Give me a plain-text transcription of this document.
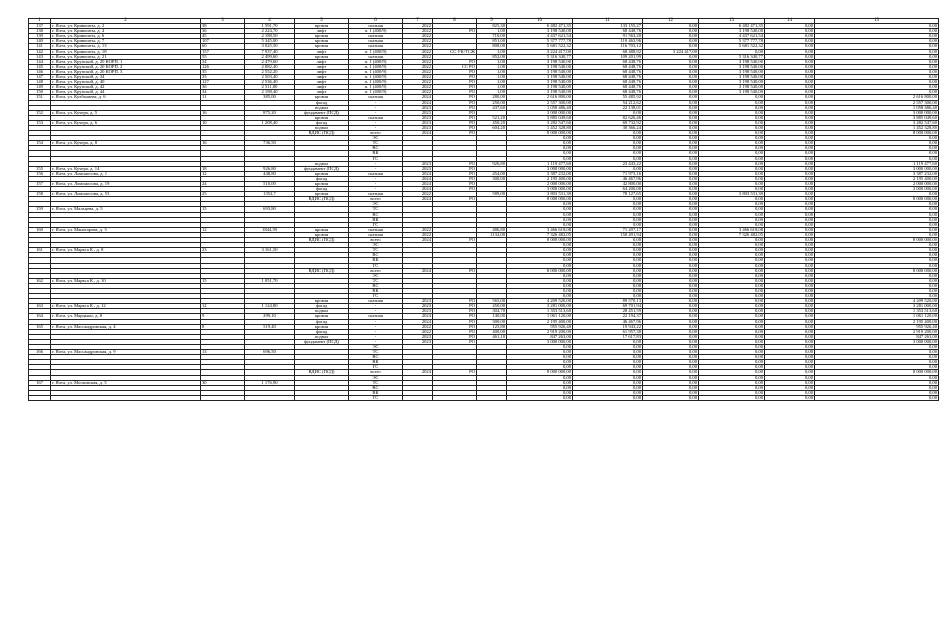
1	2	3	4	5	6	7	8	9	10	11	12	13	14	15
137	г. Ялта, ул. Кривошты, д. 2	38	1 591,70	кровля	скатная	2022		825,30	6 482 471,35	133 155,27	0,00	6 482 471,35	0,00	0,00
138	г. Ялта, ул. Кривошты, д. 4	36	2 224,70	лифт	п. 1 (400/9)	2022	РО	1,00	3 198 540,00	68 448,76	0,00	3 198 540,00	0,00	0,00
139	г. Ялта, ул. Кривошты, д. 6	45	2 188,50	кровля	скатная	2022		710,00	4 437 621,54	91 563,20	0,00	4 437 621,54	0,00	0,00
140	г. Ялта, ул. Кривошты, д. 7	107	5 345,00	кровля	скатная	2022		851,00	5 377 777,78	110 463,96	0,00	5 377 777,78	0,00	0,00
141	г. Ялта, ул. Кривошты, д. 13	60	3 025,50	кровля	скатная	2022		808,00	5 681 522,32	116 703,12	0,00	5 681 522,32	0,00	0,00
142	г. Ялта, ул. Кривошты, д. 18	157	7 937,40	лифт	п. 1 (400/9)	2022	СС УК/ТСЖ	1,00	3 224 417,00	68 488,92	3 224 417,00	0,00	0,00	0,00
143	г. Ялта, ул. Кривошты, д. 21	55	2 499,60	кровля	скатная	2022		852,00	5 316 340,77	109 201,99	0,00	5 316 340,77	0,00	0,00
144	г. Ялта, ул. Крупской, д. 20 КОРП. 1	34	2 479,60	лифт	п. 1 (400/9)	2022	РО	1,00	3 198 540,00	68 448,76	0,00	3 198 540,00	0,00	0,00
145	г. Ялта, ул. Крупской, д. 20 КОРП. 2	126	2 082,40	лифт	п. 1 (400/9)	2022	СС РО	1,00	3 198 540,00	68 448,76	0,00	3 198 540,00	0,00	0,00
146	г. Ялта, ул. Крупской, д. 20 КОРП. 3	35	2 552,20	лифт	п. 1 (400/9)	2022	РО	1,00	3 198 540,00	68 448,76	0,00	3 198 540,00	0,00	0,00
147	г. Ялта, ул. Крупской, д. 34	35	2 503,40	лифт	п. 1 (400/9)	2022	РО	1,00	3 198 540,00	68 448,76	0,00	3 198 540,00	0,00	0,00
148	г. Ялта, ул. Крупской, д. 40	127	2 536,40	лифт	п. 1 (400/9)	2022	РО	1,00	3 198 540,00	68 448,76	0,00	3 198 540,00	0,00	0,00
149	г. Ялта, ул. Крупской, д. 42	36	2 511,00	лифт	п. 1 (400/9)	2022	РО	1,00	3 198 540,00	68 448,76	0,00	3 198 540,00	0,00	0,00
150	г. Ялта, ул. Крупской, д. 44	34	2 198,40	лифт	п. 1 (400/9)	2022	РО	1,00	3 198 540,00	68 448,76	0,00	3 198 540,00	0,00	0,00
151	г. Ялта, ул. Кулбышева, д. 6	11	385,00	кровля	скатная	2024	РО	280,00	2 616 800,00	55 485,92	0,00	0,00	0,00	2 616 800,00
				фасад	-	2024	РО	250,00	2 557 300,00	54 212,62	0,00	0,00	0,00	2 557 300,00
				подвал	-	2023	РО	437,60	1 058 486,40	22 138,01	0,00	0,00	0,00	1 058 486,40
152	г. Ялта, ул. Кучера, д. 5	16	875,20	фундамент (ПСД)	-	2023	РО		3 000 000,00	0,00	0,00	0,00	0,00	3 000 000,00
				кровля	скатная	2023	РО	521,20	3 885 049,60	82 626,46	0,00	0,00	0,00	3 885 049,60
153	г. Ялта, ул. Кучера, д. 6	10	1 208,40	фасад	-	2023	РО	450,20	3 282 547,60	69 732,92	0,00	0,00	0,00	3 282 547,60
				подвал	-	2023	РО	604,20	1 452 328,80	30 366,24	0,00	0,00	0,00	1 452 328,80
				ВДИС (ПСД)	всего	2024	РО		8 000 000,00	0,00	0,00	0,00	0,00	8 000 000,00
					ЭС				0,00	0,00	0,00	0,00	0,00	0,00
154	г. Ялта, ул. Кучера, д. 8	16	736,50		ТС				0,00	0,00	0,00	0,00	0,00	0,00
					ВС				0,00	0,00	0,00	0,00	0,00	0,00
					ВК				0,00	0,00	0,00	0,00	0,00	0,00
					ГС				0,00	0,00	0,00	0,00	0,00	0,00
				подвал	-	2023	РО	926,80	1 119 477,60	23 443,22	0,00	0,00	0,00	1 119 477,60
155	г. Ялта, ул. Кучера, д. 14	18	926,80	фундамент (ПСД)	-	2023	РО		3 000 000,00	0,00	0,00	0,00	0,00	3 000 000,00
156	г. Ялта, ул. Ломоносова, д. 1	12	448,80	кровля	скатная	2024	РО	454,00	3 387 232,00	71 973,16	0,00	0,00	0,00	3 387 232,00
				фасад	-	2024	РО	300,00	2 195 400,00	46 467,96	0,00	0,00	0,00	2 195 400,00
157	г. Ялта, ул. Ломоносова, д. 19	24	510,00	кровля	-	2024	РО		2 000 000,00	42 800,00	0,00	0,00	0,00	2 000 000,00
				фасад	-	2024	РО		3 000 000,00	64 200,00	0,00	0,00	0,00	3 000 000,00
158	г. Ялта, ул. Ломоносова, д. 53	25	1352,7	кровля	скатная	2022		589,00	3 803 531,30	78 127,65	0,00	3 803 531,30	0,00	0,00
				ВДИС (ПСД)	всего	2024	РО		8 000 000,00	0,00	0,00	0,00	0,00	8 000 000,00
					ЭС				0,00	0,00	0,00	0,00	0,00	0,00
159	г. Ялта, ул. Мальцева, д. 5	15	693,80		ТС				0,00	0,00	0,00	0,00	0,00	0,00
					ВС				0,00	0,00	0,00	0,00	0,00	0,00
					ВК				0,00	0,00	0,00	0,00	0,00	0,00
					ГС				0,00	0,00	0,00	0,00	0,00	0,00
160	г. Ялта, ул. Манагарова, д. 3	12	1844,39	кровля	скатная	2022		486,80	3 466 618,08	71 207,17	0,00	3 466 618,08	0,00	0,00
				кровля	скатная	2022		1132,00	7 326 482,05	150 491,94	0,00	7 326 482,05	0,00	0,00
				ВДИС (ПСД)	всего	2024	РО		8 000 000,00	0,00	0,00	0,00	0,00	8 000 000,00
					ЭС				0,00	0,00	0,00	0,00	0,00	0,00
161	г. Ялта, ул. Маркса К., д. 8	23	3 161,50		ТС				0,00	0,00	0,00	0,00	0,00	0,00
					ВС				0,00	0,00	0,00	0,00	0,00	0,00
					ВК				0,00	0,00	0,00	0,00	0,00	0,00
					ГС				0,00	0,00	0,00	0,00	0,00	0,00
				ВДИС (ПСД)	всего	2024	РО		8 000 000,00	0,00	0,00	0,00	0,00	8 000 000,00
					ЭС				0,00	0,00	0,00	0,00	0,00	0,00
162	г. Ялта, ул. Маркса К., д. 10	15	1 051,70		ТС				0,00	0,00	0,00	0,00	0,00	0,00
					ВС				0,00	0,00	0,00	0,00	0,00	0,00
					ВК				0,00	0,00	0,00	0,00	0,00	0,00
					ГС				0,00	0,00	0,00	0,00	0,00	0,00
				кровля	скатная	2023	РО	565,00	4 209 520,00	89 570,13	0,00	0,00	0,00	4 209 520,00
163	г. Ялта, ул. Маркса К., д. 12	12	1 124,80	фасад	-	2023	РО	450,00	3 281 000,00	69 701,94	0,00	0,00	0,00	3 281 000,00
				подвал	-	2023	РО	304,70	1 353 513,60	28 451,59	0,00	0,00	0,00	1 353 513,60
164	г. Ялта, ул. Марцыно, д. 8	9	299,10	кровля	скатная	2024	РО	140,00	1 061 120,00	22 194,37	0,00	0,00	0,00	1 061 120,00
				фасад	-	2024	РО	300,00	2 195 400,00	46 467,96	0,00	0,00	0,00	2 195 400,00
165	г. Ялта, ул. Массандровская, д. 4	8	519,40	кровля	-	2022	РО	125,80	955 926,40	19 943,22	0,00	0,00	0,00	955 926,40
				фасад	-	2022	РО	400,00	2 919 200,00	61 957,38	0,00	0,00	0,00	2 919 200,00
				подвал	-	2023	РО	461,10	847 263,00	17 617,83	0,00	0,00	0,00	847 263,00
				фундамент (ПСД)	-	2023	РО		3 000 000,00	0,00	0,00	0,00	0,00	3 000 000,00
					ЭС				0,00	0,00	0,00	0,00	0,00	0,00
166	г. Ялта, ул. Массандровская, д. 9	13	696,50		ТС				0,00	0,00	0,00	0,00	0,00	0,00
					ВС				0,00	0,00	0,00	0,00	0,00	0,00
					ВК				0,00	0,00	0,00	0,00	0,00	0,00
					ГС				0,00	0,00	0,00	0,00	0,00	0,00
				ВДИС (ПСД)	всего	2024	РО		8 000 000,00	0,00	0,00	0,00	0,00	8 000 000,00
					ЭС				0,00	0,00	0,00	0,00	0,00	0,00
167	г. Ялта, ул. Московская, д. 5	30	1 176,90		ТС				0,00	0,00	0,00	0,00	0,00	0,00
					ВС				0,00	0,00	0,00	0,00	0,00	0,00
					ВК				0,00	0,00	0,00	0,00	0,00	0,00
					ГС				0,00	0,00	0,00	0,00	0,00	0,00
